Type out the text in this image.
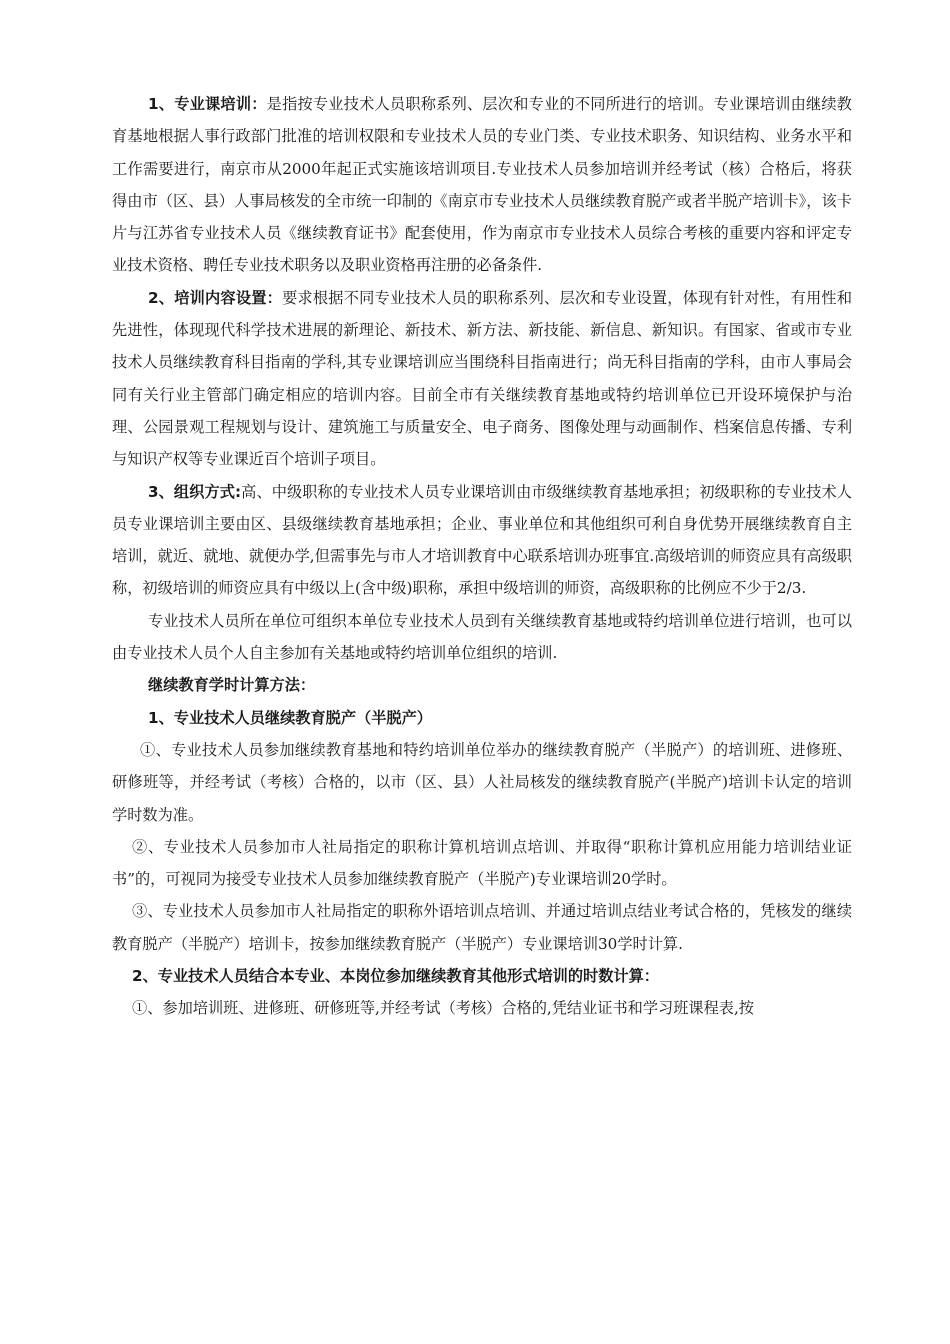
1、专业课培训：是指按专业技术人员职称系列、层次和专业的不同所进行的培训。专业课培训由继续教育基地根据人事行政部门批准的培训权限和专业技术人员的专业门类、专业技术职务、知识结构、业务水平和工作需要进行，南京市从2000年起正式实施该培训项目.专业技术人员参加培训并经考试（核）合格后，将获得由市（区、县）人事局核发的全市统一印制的《南京市专业技术人员继续教育脱产或者半脱产培训卡》，该卡片与江苏省专业技术人员《继续教育证书》配套使用，作为南京市专业技术人员综合考核的重要内容和评定专业技术资格、聘任专业技术职务以及职业资格再注册的必备条件.

2、培训内容设置：要求根据不同专业技术人员的职称系列、层次和专业设置，体现有针对性，有用性和先进性，体现现代科学技术进展的新理论、新技术、新方法、新技能、新信息、新知识。有国家、省或市专业技术人员继续教育科目指南的学科,其专业课培训应当围绕科目指南进行；尚无科目指南的学科，由市人事局会同有关行业主管部门确定相应的培训内容。目前全市有关继续教育基地或特约培训单位已开设环境保护与治理、公园景观工程规划与设计、建筑施工与质量安全、电子商务、图像处理与动画制作、档案信息传播、专利与知识产权等专业课近百个培训子项目。

3、组织方式:高、中级职称的专业技术人员专业课培训由市级继续教育基地承担；初级职称的专业技术人员专业课培训主要由区、县级继续教育基地承担；企业、事业单位和其他组织可利自身优势开展继续教育自主培训，就近、就地、就便办学,但需事先与市人才培训教育中心联系培训办班事宜.高级培训的师资应具有高级职称，初级培训的师资应具有中级以上(含中级)职称，承担中级培训的师资，高级职称的比例应不少于2/3.

专业技术人员所在单位可组织本单位专业技术人员到有关继续教育基地或特约培训单位进行培训，也可以由专业技术人员个人自主参加有关基地或特约培训单位组织的培训.

继续教育学时计算方法：

1、专业技术人员继续教育脱产（半脱产）

①、专业技术人员参加继续教育基地和特约培训单位举办的继续教育脱产（半脱产）的培训班、进修班、研修班等，并经考试（考核）合格的，以市（区、县）人社局核发的继续教育脱产(半脱产)培训卡认定的培训学时数为准。

②、专业技术人员参加市人社局指定的职称计算机培训点培训、并取得“职称计算机应用能力培训结业证书”的，可视同为接受专业技术人员参加继续教育脱产（半脱产)专业课培训20学时。

③、专业技术人员参加市人社局指定的职称外语培训点培训、并通过培训点结业考试合格的，凭核发的继续教育脱产（半脱产）培训卡，按参加继续教育脱产（半脱产）专业课培训30学时计算.

2、专业技术人员结合本专业、本岗位参加继续教育其他形式培训的时数计算：

①、参加培训班、进修班、研修班等,并经考试（考核）合格的,凭结业证书和学习班课程表,按
